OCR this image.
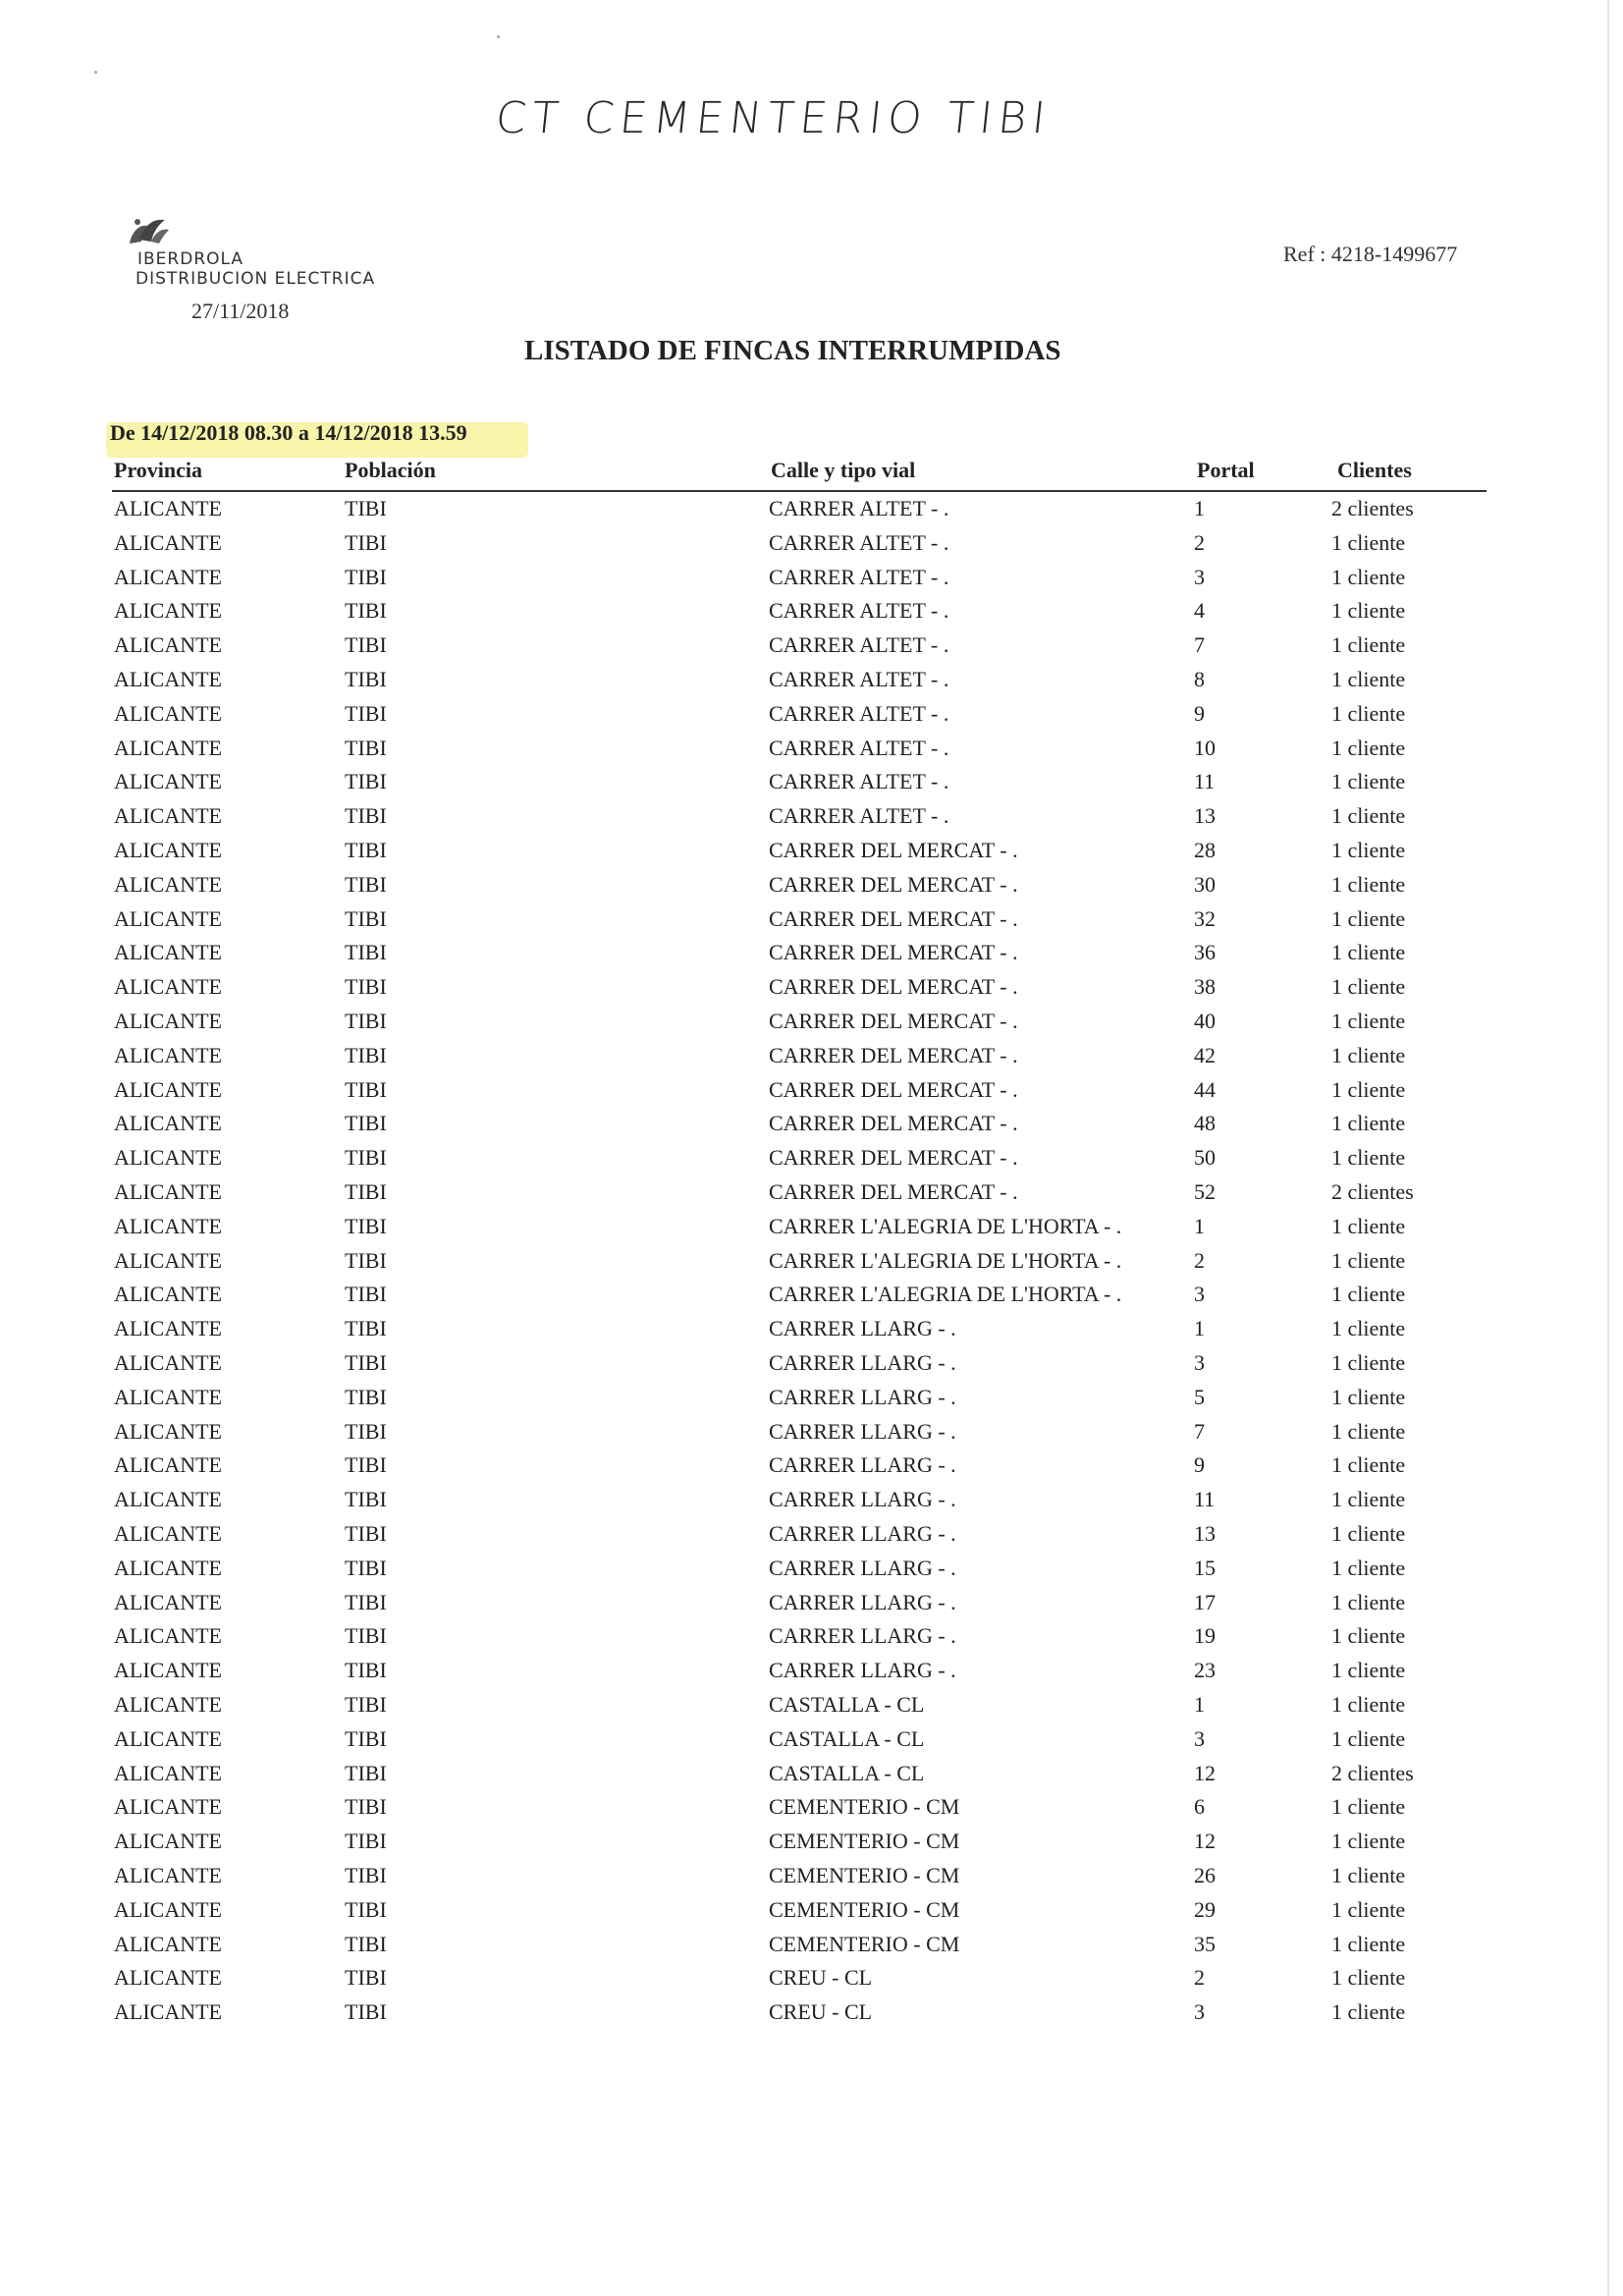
CT CEMENTERIO TIBI
IBERDROLA
DISTRIBUCION ELECTRICA
27/11/2018
Ref : 4218-1499677
LISTADO DE FINCAS INTERRUMPIDAS
De 14/12/2018 08.30 a 14/12/2018 13.59
Provincia	Población	Calle y tipo vial	Portal	Clientes
ALICANTE	TIBI	CARRER ALTET - .	1	2 clientes
ALICANTE	TIBI	CARRER ALTET - .	2	1 cliente
ALICANTE	TIBI	CARRER ALTET - .	3	1 cliente
ALICANTE	TIBI	CARRER ALTET - .	4	1 cliente
ALICANTE	TIBI	CARRER ALTET - .	7	1 cliente
ALICANTE	TIBI	CARRER ALTET - .	8	1 cliente
ALICANTE	TIBI	CARRER ALTET - .	9	1 cliente
ALICANTE	TIBI	CARRER ALTET - .	10	1 cliente
ALICANTE	TIBI	CARRER ALTET - .	11	1 cliente
ALICANTE	TIBI	CARRER ALTET - .	13	1 cliente
ALICANTE	TIBI	CARRER DEL MERCAT - .	28	1 cliente
ALICANTE	TIBI	CARRER DEL MERCAT - .	30	1 cliente
ALICANTE	TIBI	CARRER DEL MERCAT - .	32	1 cliente
ALICANTE	TIBI	CARRER DEL MERCAT - .	36	1 cliente
ALICANTE	TIBI	CARRER DEL MERCAT - .	38	1 cliente
ALICANTE	TIBI	CARRER DEL MERCAT - .	40	1 cliente
ALICANTE	TIBI	CARRER DEL MERCAT - .	42	1 cliente
ALICANTE	TIBI	CARRER DEL MERCAT - .	44	1 cliente
ALICANTE	TIBI	CARRER DEL MERCAT - .	48	1 cliente
ALICANTE	TIBI	CARRER DEL MERCAT - .	50	1 cliente
ALICANTE	TIBI	CARRER DEL MERCAT - .	52	2 clientes
ALICANTE	TIBI	CARRER L'ALEGRIA DE L'HORTA - .	1	1 cliente
ALICANTE	TIBI	CARRER L'ALEGRIA DE L'HORTA - .	2	1 cliente
ALICANTE	TIBI	CARRER L'ALEGRIA DE L'HORTA - .	3	1 cliente
ALICANTE	TIBI	CARRER LLARG - .	1	1 cliente
ALICANTE	TIBI	CARRER LLARG - .	3	1 cliente
ALICANTE	TIBI	CARRER LLARG - .	5	1 cliente
ALICANTE	TIBI	CARRER LLARG - .	7	1 cliente
ALICANTE	TIBI	CARRER LLARG - .	9	1 cliente
ALICANTE	TIBI	CARRER LLARG - .	11	1 cliente
ALICANTE	TIBI	CARRER LLARG - .	13	1 cliente
ALICANTE	TIBI	CARRER LLARG - .	15	1 cliente
ALICANTE	TIBI	CARRER LLARG - .	17	1 cliente
ALICANTE	TIBI	CARRER LLARG - .	19	1 cliente
ALICANTE	TIBI	CARRER LLARG - .	23	1 cliente
ALICANTE	TIBI	CASTALLA - CL	1	1 cliente
ALICANTE	TIBI	CASTALLA - CL	3	1 cliente
ALICANTE	TIBI	CASTALLA - CL	12	2 clientes
ALICANTE	TIBI	CEMENTERIO - CM	6	1 cliente
ALICANTE	TIBI	CEMENTERIO - CM	12	1 cliente
ALICANTE	TIBI	CEMENTERIO - CM	26	1 cliente
ALICANTE	TIBI	CEMENTERIO - CM	29	1 cliente
ALICANTE	TIBI	CEMENTERIO - CM	35	1 cliente
ALICANTE	TIBI	CREU - CL	2	1 cliente
ALICANTE	TIBI	CREU - CL	3	1 cliente
